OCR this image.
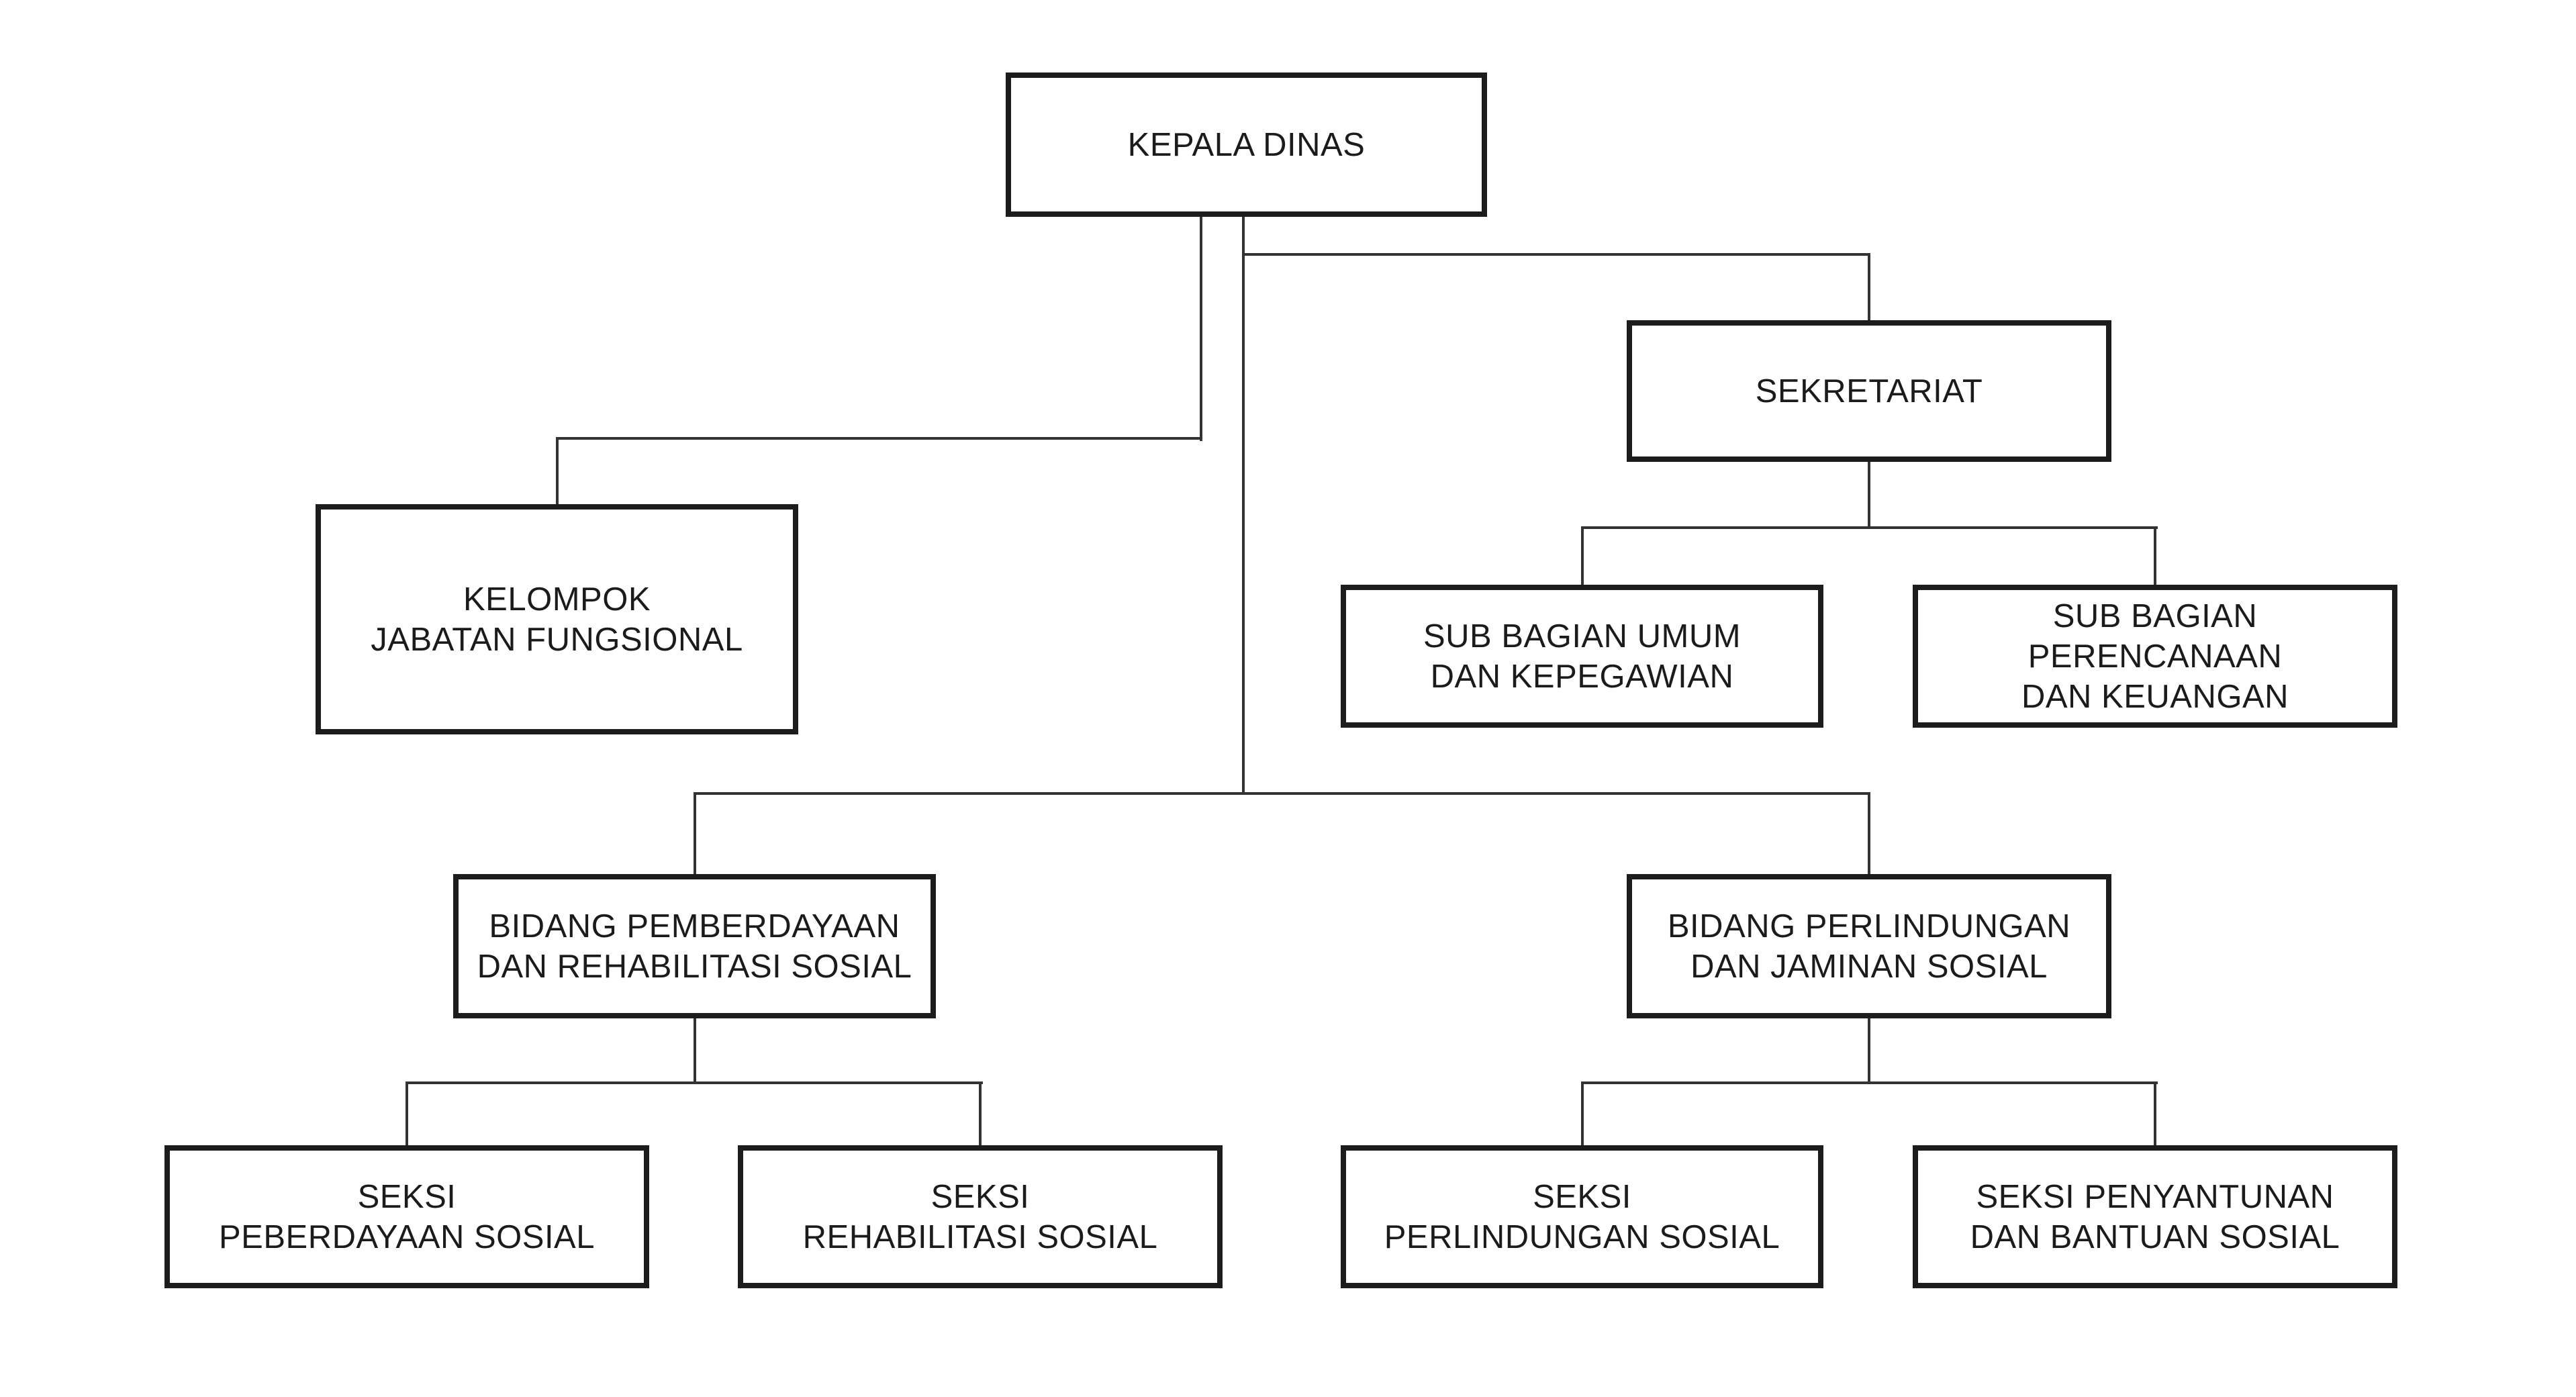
KEPALA DINAS
SEKRETARIAT
KELOMPOK
JABATAN FUNGSIONAL	SUB BAGIAN UMUM
DAN KEPEGAWIAN
SUB BAGIAN
PERENCANAAN
DAN KEUANGAN
BIDANG PEMBERDAYAAN
DAN REHABILITASI SOSIAL
BIDANG PERLINDUNGAN
DAN JAMINAN SOSIAL
SEKSI
PEBERDAYAAN SOSIAL
SEKSI
REHABILITASI SOSIAL
SEKSI
PERLINDUNGAN SOSIAL
SEKSI PENYANTUNAN
DAN BANTUAN SOSIAL
